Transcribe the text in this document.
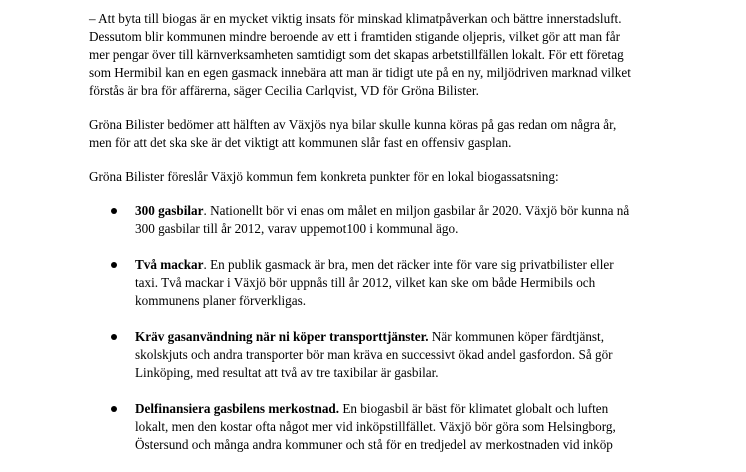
– Att byta till biogas är en mycket viktig insats för minskad klimatpåverkan och bättre innerstadsluft.
Dessutom blir kommunen mindre beroende av ett i framtiden stigande oljepris, vilket gör att man får
mer pengar över till kärnverksamheten samtidigt som det skapas arbetstillfällen lokalt. För ett företag
som Hermibil kan en egen gasmack innebära att man är tidigt ute på en ny, miljödriven marknad vilket
förstås är bra för affärerna, säger Cecilia Carlqvist, VD för Gröna Bilister.

Gröna Bilister bedömer att hälften av Växjös nya bilar skulle kunna köras på gas redan om några år,
men för att det ska ske är det viktigt att kommunen slår fast en offensiv gasplan.

Gröna Bilister föreslår Växjö kommun fem konkreta punkter för en lokal biogassatsning:

300 gasbilar. Nationellt bör vi enas om målet en miljon gasbilar år 2020. Växjö bör kunna nå
300 gasbilar till år 2012, varav uppemot100 i kommunal ägo.
Två mackar. En publik gasmack är bra, men det räcker inte för vare sig privatbilister eller
taxi. Två mackar i Växjö bör uppnås till år 2012, vilket kan ske om både Hermibils och
kommunens planer förverkligas.
Kräv gasanvändning när ni köper transporttjänster. När kommunen köper färdtjänst,
skolskjuts och andra transporter bör man kräva en successivt ökad andel gasfordon. Så gör
Linköping, med resultat att två av tre taxibilar är gasbilar.
Delfinansiera gasbilens merkostnad. En biogasbil är bäst för klimatet globalt och luften
lokalt, men den kostar ofta något mer vid inköpstillfället. Växjö bör göra som Helsingborg,
Östersund och många andra kommuner och stå för en tredjedel av merkostnaden vid inköp
